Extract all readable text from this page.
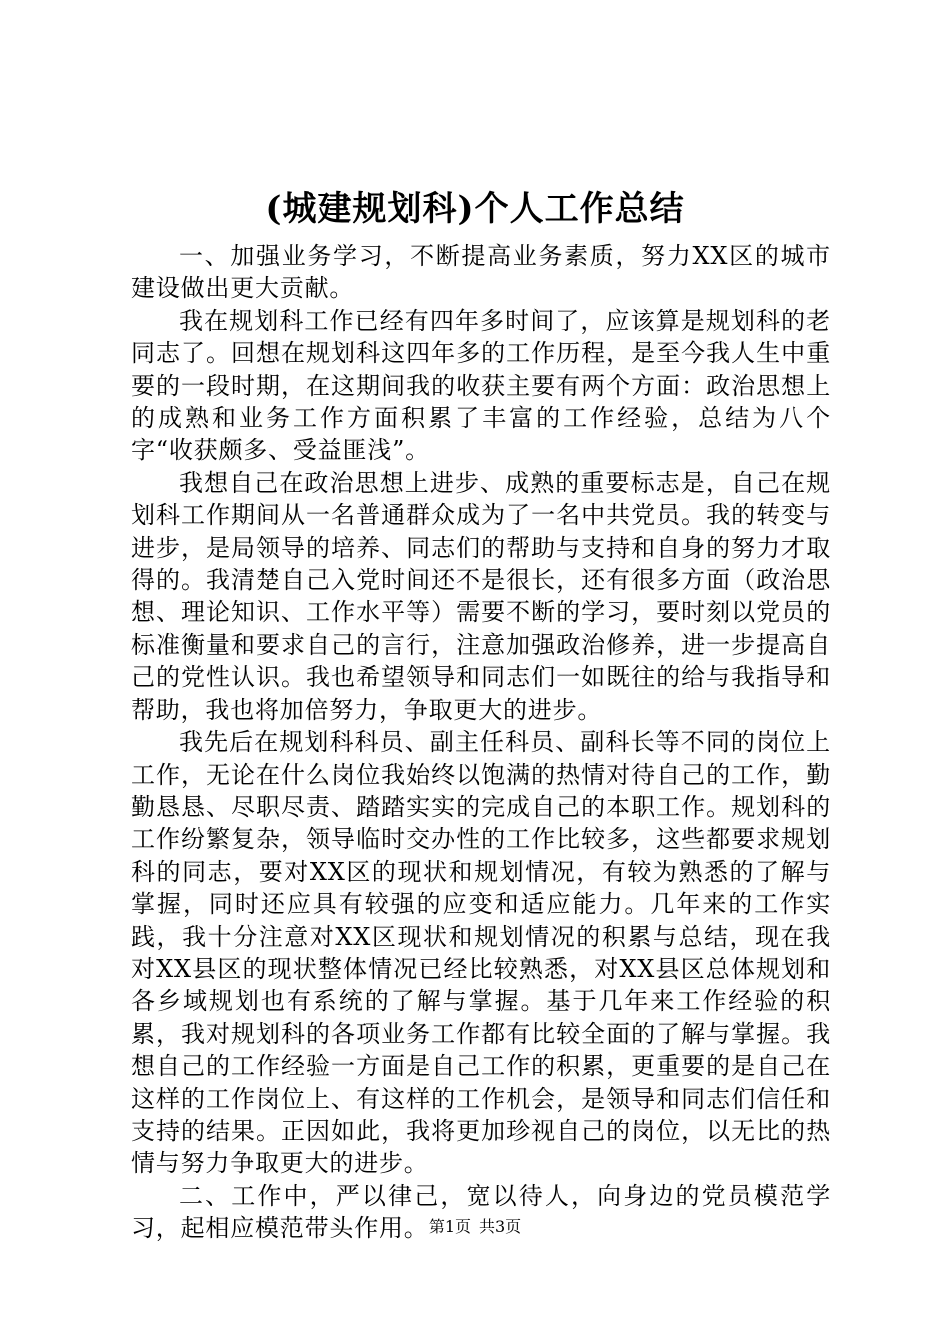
(城建规划科)个人工作总结

一、加强业务学习，不断提高业务素质，努力XX区的城市建设做出更大贡献。

我在规划科工作已经有四年多时间了，应该算是规划科的老同志了。回想在规划科这四年多的工作历程，是至今我人生中重要的一段时期，在这期间我的收获主要有两个方面：政治思想上的成熟和业务工作方面积累了丰富的工作经验，总结为八个字“收获颇多、受益匪浅”。

我想自己在政治思想上进步、成熟的重要标志是，自己在规划科工作期间从一名普通群众成为了一名中共党员。我的转变与进步，是局领导的培养、同志们的帮助与支持和自身的努力才取得的。我清楚自己入党时间还不是很长，还有很多方面（政治思想、理论知识、工作水平等）需要不断的学习，要时刻以党员的标准衡量和要求自己的言行，注意加强政治修养，进一步提高自己的党性认识。我也希望领导和同志们一如既往的给与我指导和帮助，我也将加倍努力，争取更大的进步。

我先后在规划科科员、副主任科员、副科长等不同的岗位上工作，无论在什么岗位我始终以饱满的热情对待自己的工作，勤勤恳恳、尽职尽责、踏踏实实的完成自己的本职工作。规划科的工作纷繁复杂，领导临时交办性的工作比较多，这些都要求规划科的同志，要对XX区的现状和规划情况，有较为熟悉的了解与掌握，同时还应具有较强的应变和适应能力。几年来的工作实践，我十分注意对XX区现状和规划情况的积累与总结，现在我对XX县区的现状整体情况已经比较熟悉，对XX县区总体规划和各乡域规划也有系统的了解与掌握。基于几年来工作经验的积累，我对规划科的各项业务工作都有比较全面的了解与掌握。我想自己的工作经验一方面是自己工作的积累，更重要的是自己在这样的工作岗位上、有这样的工作机会，是领导和同志们信任和支持的结果。正因如此，我将更加珍视自己的岗位，以无比的热情与努力争取更大的进步。

二、工作中，严以律己，宽以待人，向身边的党员模范学习，起相应模范带头作用。 第1页 共3页
